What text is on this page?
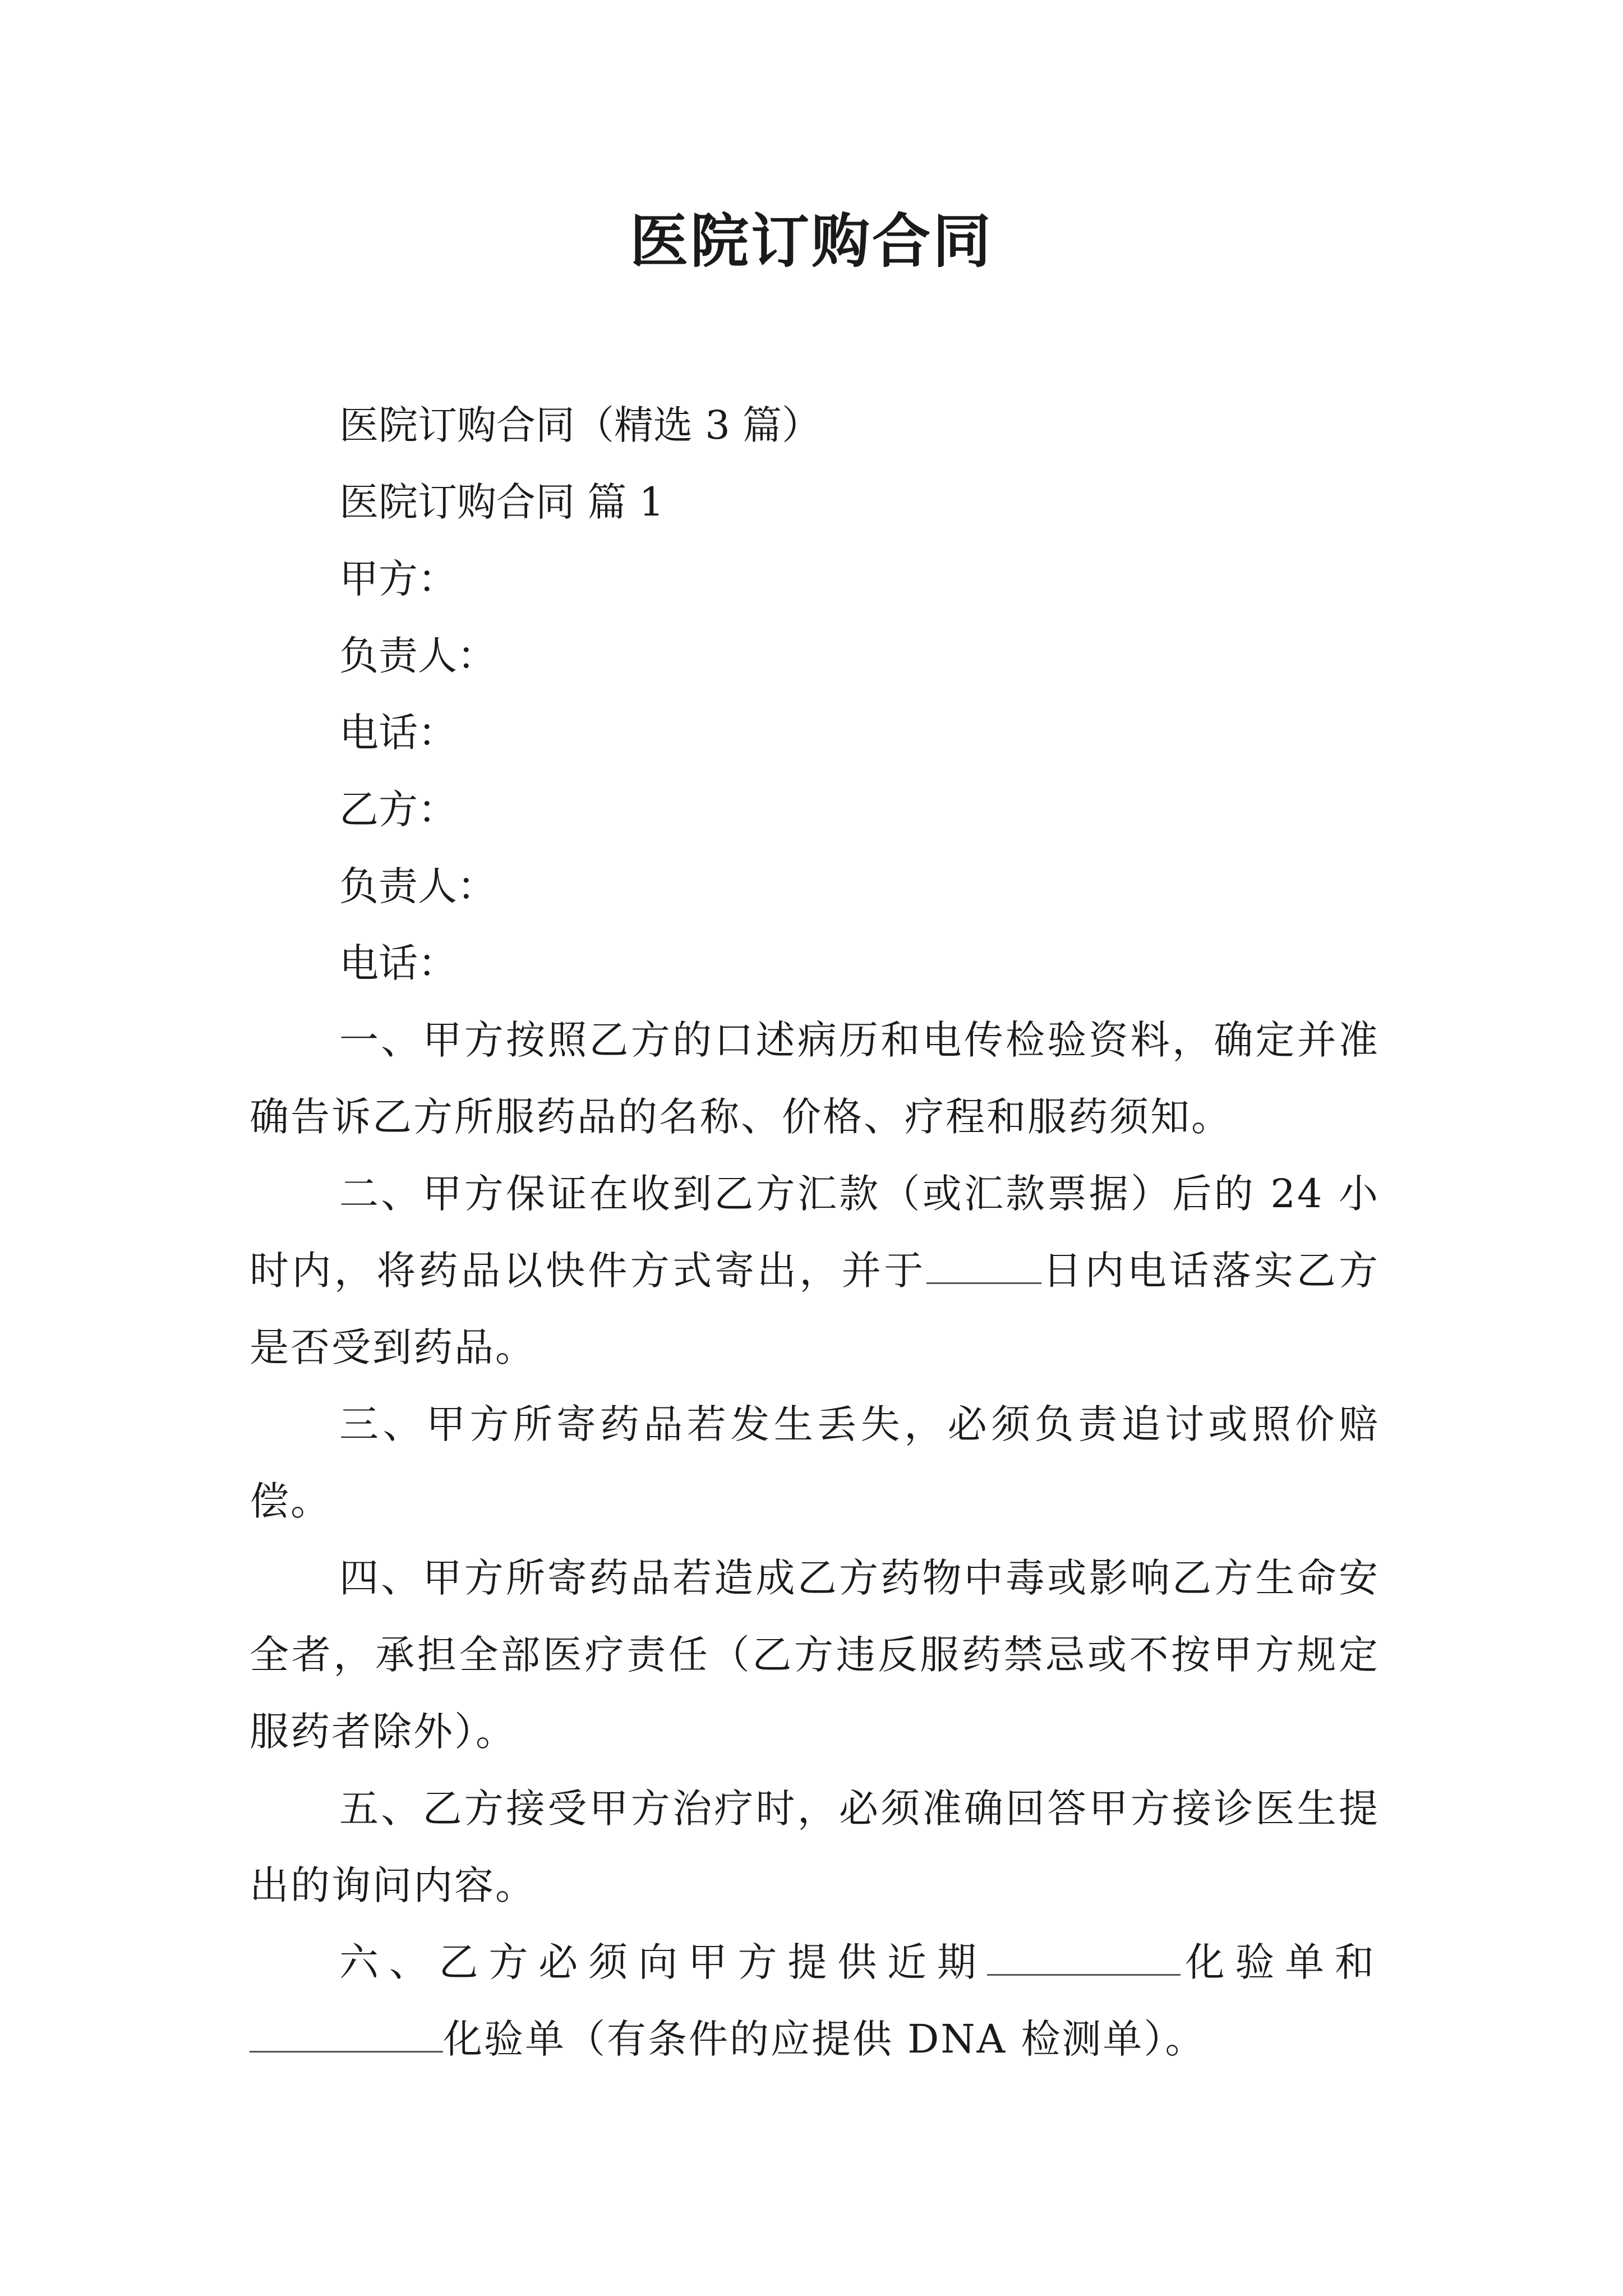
医院订购合同
医院订购合同（精选 3 篇）
医院订购合同 篇 1
甲方：
负责人：
电话：
乙方：
负责人：
电话：

一、甲方按照乙方的口述病历和电传检验资料，确定并准确告诉乙方所服药品的名称、价格、疗程和服药须知。

二、甲方保证在收到乙方汇款（或汇款票据）后的 24 小时内，将药品以快件方式寄出，并于	日内电话落实乙方是否受到药品。

三、甲方所寄药品若发生丢失，必须负责追讨或照价赔偿。

四、甲方所寄药品若造成乙方药物中毒或影响乙方生命安全者，承担全部医疗责任（乙方违反服药禁忌或不按甲方规定服药者除外）。

五、乙方接受甲方治疗时，必须准确回答甲方接诊医生提出的询问内容。

六、乙方必须向甲方提供近期	化验单和化验单（有条件的应提供 DNA 检测单）。
